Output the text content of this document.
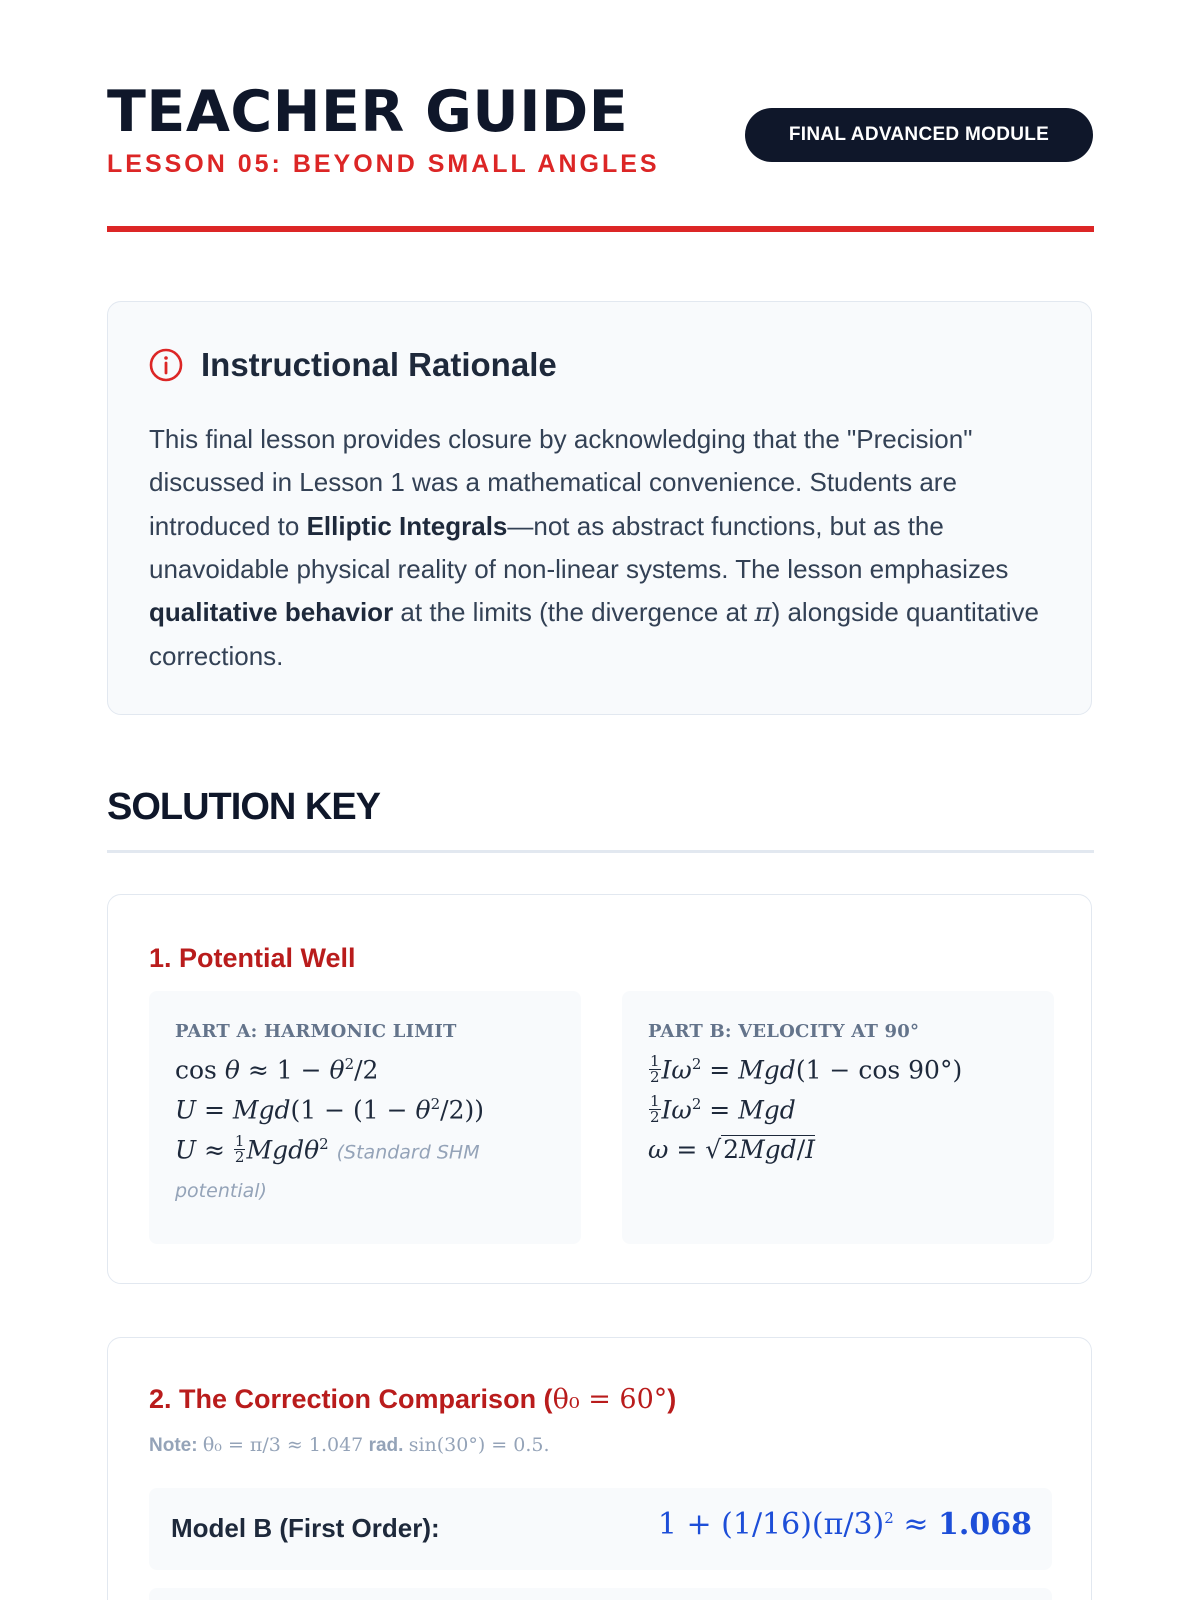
TEACHER GUIDE
LESSON 05: BEYOND SMALL ANGLES
FINAL ADVANCED MODULE
Instructional Rationale
This final lesson provides closure by acknowledging that the "Precision" discussed in Lesson 1 was a mathematical convenience. Students are introduced to Elliptic Integrals—not as abstract functions, but as the unavoidable physical reality of non-linear systems. The lesson emphasizes qualitative behavior at the limits (the divergence at π) alongside quantitative corrections.
SOLUTION KEY
1. Potential Well
PART A: HARMONIC LIMIT
$\cos \theta \approx 1 - \theta^2/2$
$U = Mgd(1 - (1 - \theta^2/2))$
$U \approx \frac{1}{2} Mgd\theta^2$ (Standard SHM
potential)
PART B: VELOCITY AT 90°
$\frac{1}{2} I\omega^2 = Mgd(1 - \cos 90^\circ)$
$\frac{1}{2} I\omega^2$ = Mgd
ω = √2Mgd/I
2. The Correction Comparison (θ₀ = 60°)
Note: θ₀ = π/3 ≈ 1.047 rad. sin(30°) = 0.5.
Model B (First Order):	$1 + (1/16)(\pi/3)^2 \approx 1.068$
